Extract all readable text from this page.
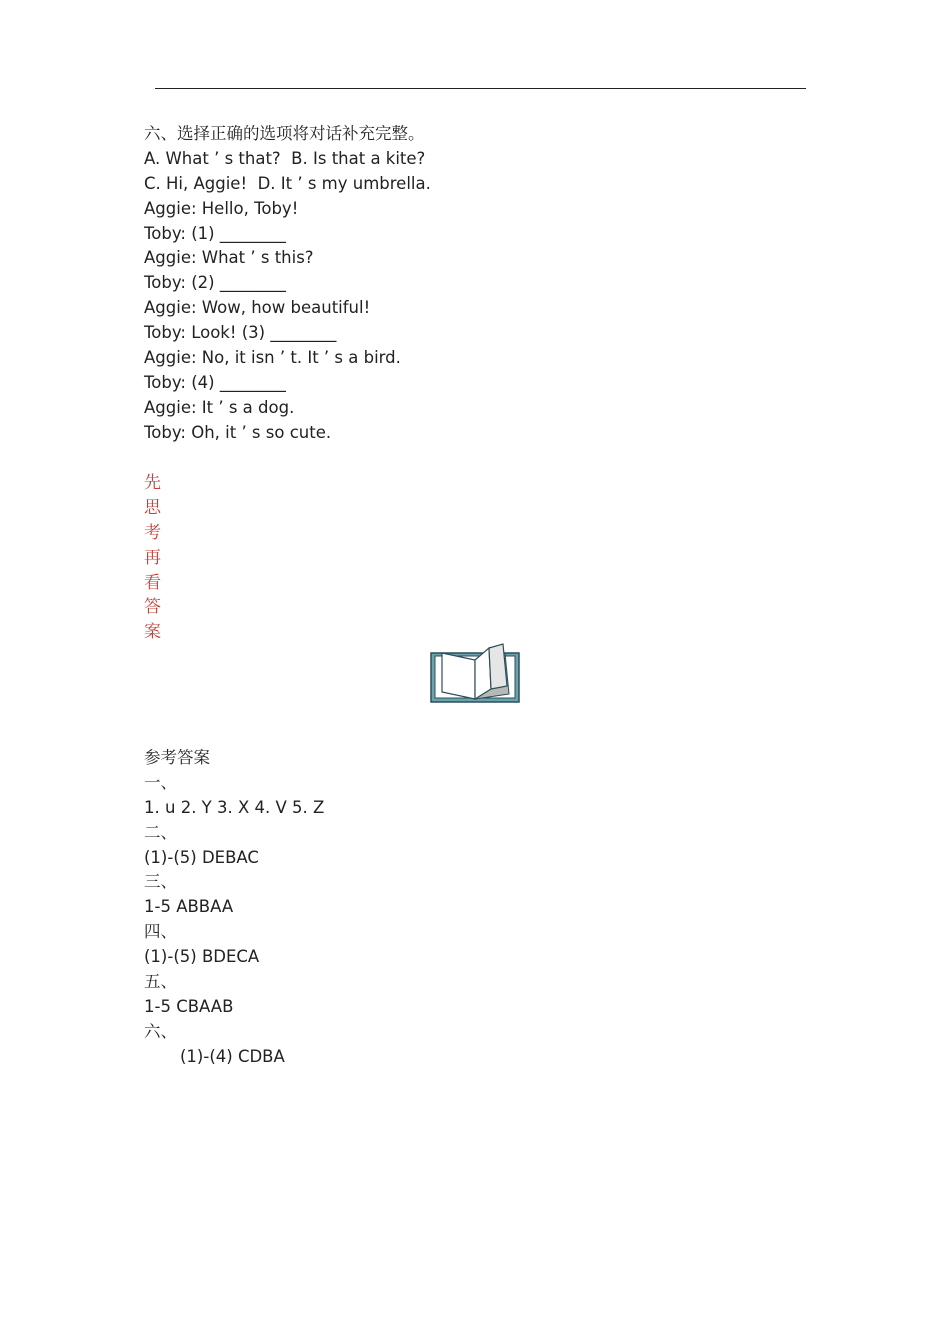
六、选择正确的选项将对话补充完整。
A. What ’ s that?  B. Is that a kite?
C. Hi, Aggie!  D. It ’ s my umbrella.
Aggie: Hello, Toby!
Toby: (1) ________
Aggie: What ’ s this?
Toby: (2) ________
Aggie: Wow, how beautiful!
Toby: Look! (3) ________
Aggie: No, it isn ’ t. It ’ s a bird.
Toby: (4) ________
Aggie: It ’ s a dog.
Toby: Oh, it ’ s so cute.
先
思
考
再
看
答
案
参考答案
一、
1. u 2. Y 3. X 4. V 5. Z
二、
(1)-(5) DEBAC
三、
1-5 ABBAA
四、
(1)-(5) BDECA
五、
1-5 CBAAB
六、
(1)-(4) CDBA
